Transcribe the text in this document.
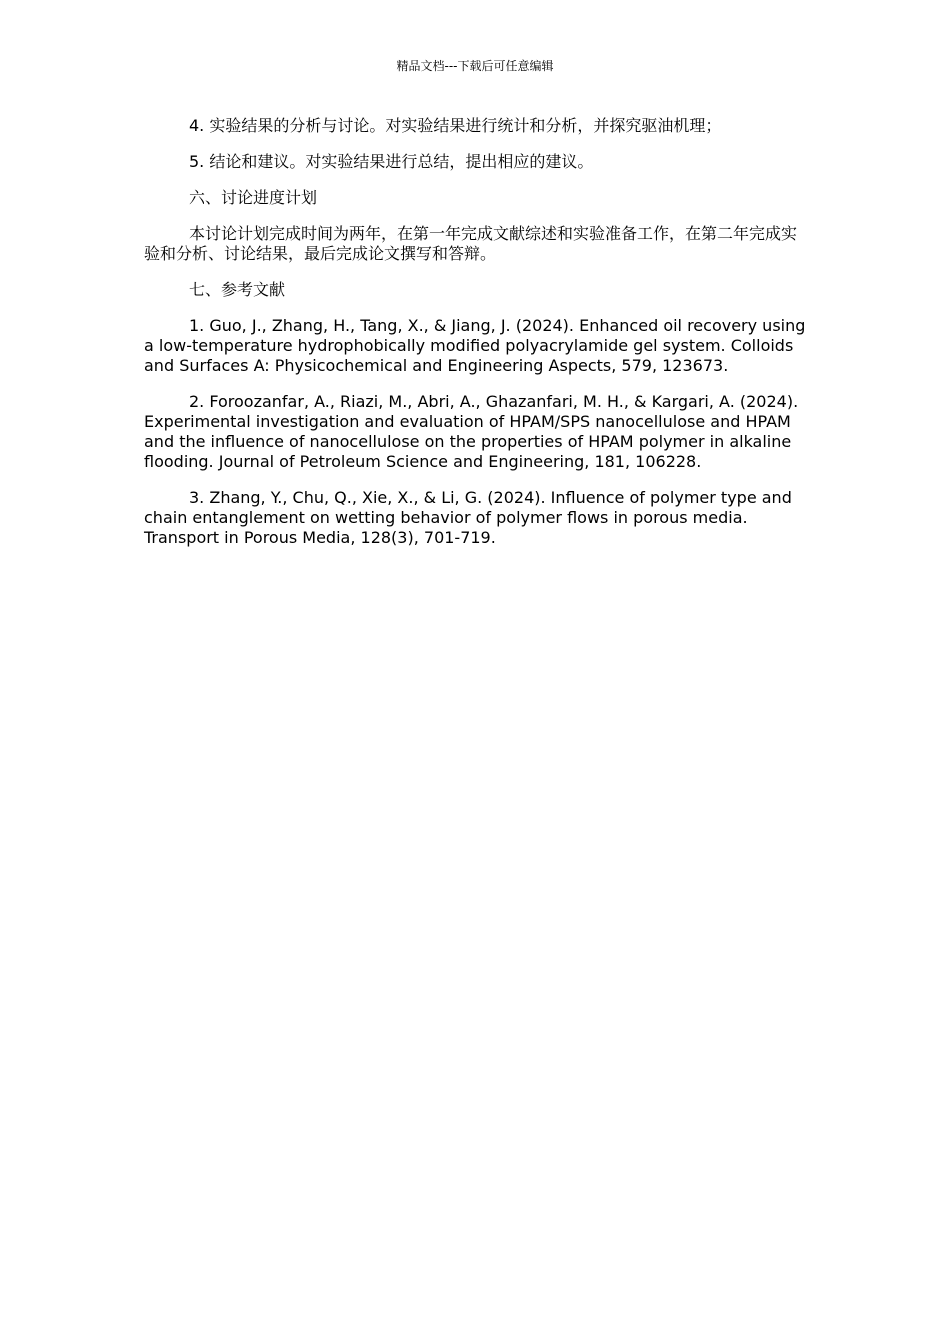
精品文档---下载后可任意编辑

4. 实验结果的分析与讨论。对实验结果进行统计和分析，并探究驱油机理；

5. 结论和建议。对实验结果进行总结，提出相应的建议。

六、讨论进度计划

本讨论计划完成时间为两年，在第一年完成文献综述和实验准备工作，在第二年完成实验和分析、讨论结果，最后完成论文撰写和答辩。

七、参考文献

1. Guo, J., Zhang, H., Tang, X., & Jiang, J. (2024). Enhanced oil recovery using a low-temperature hydrophobically modified polyacrylamide gel system. Colloids and Surfaces A: Physicochemical and Engineering Aspects, 579, 123673.

2. Foroozanfar, A., Riazi, M., Abri, A., Ghazanfari, M. H., & Kargari, A. (2024). Experimental investigation and evaluation of HPAM/SPS nanocellulose and HPAM and the influence of nanocellulose on the properties of HPAM polymer in alkaline flooding. Journal of Petroleum Science and Engineering, 181, 106228.

3. Zhang, Y., Chu, Q., Xie, X., & Li, G. (2024). Influence of polymer type and chain entanglement on wetting behavior of polymer flows in porous media. Transport in Porous Media, 128(3), 701-719.
